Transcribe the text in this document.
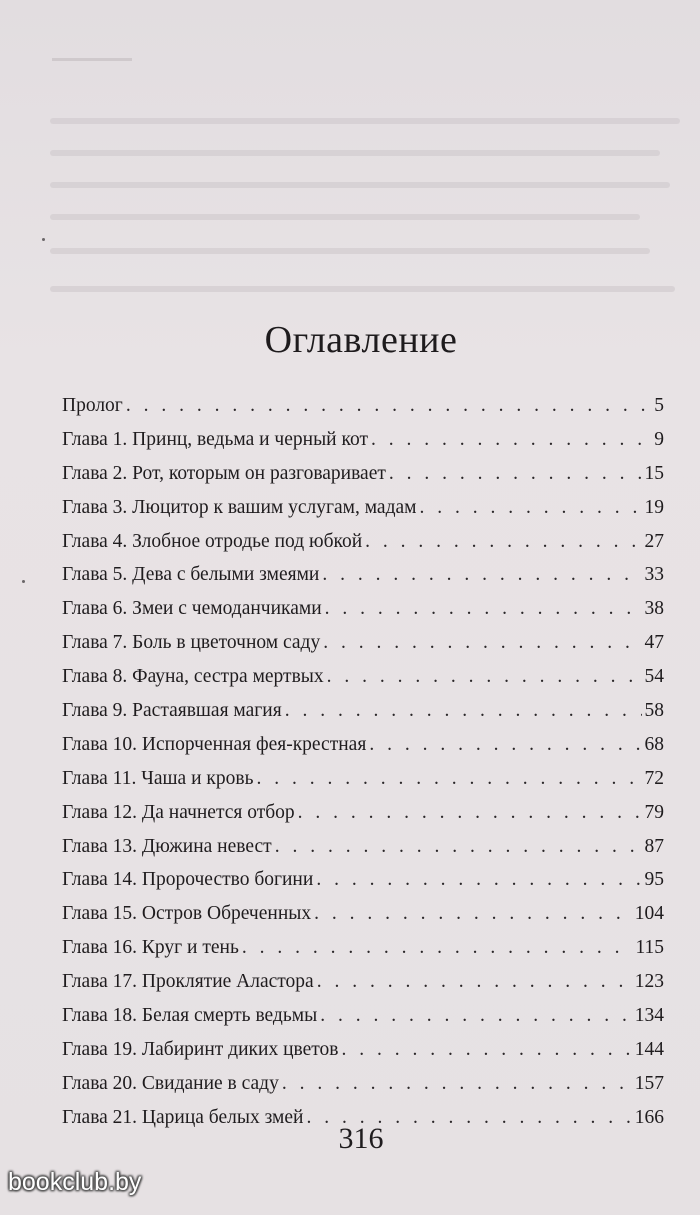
Оглавление
Пролог . . .	5
Глава 1. Принц, ведьма и черный кот . . .	9
Глава 2. Рот, которым он разговаривает . . .	15
Глава 3. Люцитор к вашим услугам, мадам . . .	19
Глава 4. Злобное отродье под юбкой . . .	27
Глава 5. Дева с белыми змеями . . .	33
Глава 6. Змеи с чемоданчиками . . .	38
Глава 7. Боль в цветочном саду . . .	47
Глава 8. Фауна, сестра мертвых . . .	54
Глава 9. Растаявшая магия . . .	58
Глава 10. Испорченная фея-крестная . . .	68
Глава 11. Чаша и кровь . . .	72
Глава 12. Да начнется отбор . . .	79
Глава 13. Дюжина невест . . .	87
Глава 14. Пророчество богини . . .	95
Глава 15. Остров Обреченных . . .	104
Глава 16. Круг и тень . . .	115
Глава 17. Проклятие Аластора . . .	123
Глава 18. Белая смерть ведьмы . . .	134
Глава 19. Лабиринт диких цветов . . .	144
Глава 20. Свидание в саду . . .	157
Глава 21. Царица белых змей . . .	166
316
bookclub.by
